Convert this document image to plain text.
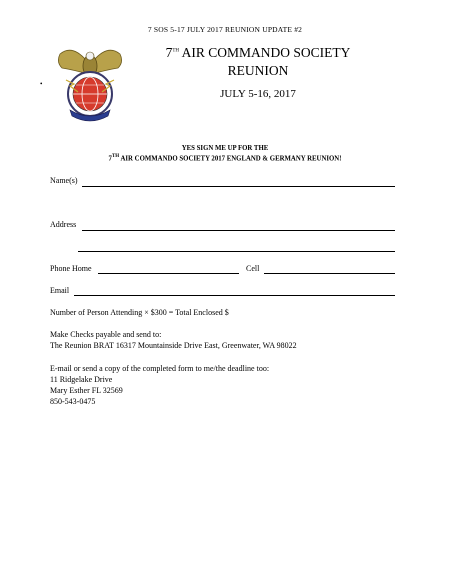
7 SOS 5-17 JULY 2017 REUNION UPDATE #2
•
7TH AIR COMMANDO SOCIETY
REUNION
JULY 5-16, 2017
YES SIGN ME UP FOR THE
7TH AIR COMMANDO SOCIETY 2017 ENGLAND & GERMANY REUNION!
Name(s)
Address
Phone Home	Cell
Email
Number of Person Attending × $300 = Total Enclosed $
Make Checks payable and send to:
The Reunion BRAT 16317 Mountainside Drive East, Greenwater, WA 98022
E-mail or send a copy of the completed form to me/the deadline too:
11 Ridgelake Drive
Mary Esther FL 32569
850-543-0475
